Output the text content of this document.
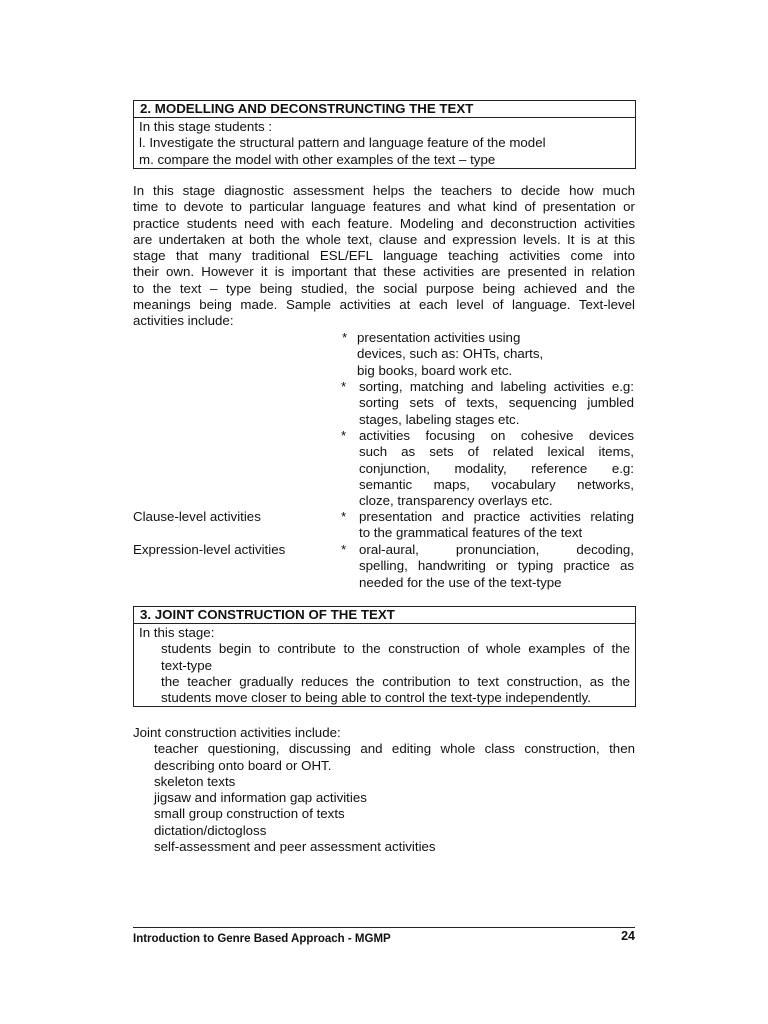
2. MODELLING AND DECONSTRUNCTING THE TEXT
In this stage students :
l. Investigate the structural pattern and language feature of the model
m. compare the model with other examples of the text – type
In this stage diagnostic assessment helps the teachers to decide how much
time to devote to particular language features and what kind of presentation or
practice students need with each feature. Modeling and deconstruction activities
are undertaken at both the whole text, clause and expression levels. It is at this
stage that many traditional ESL/EFL language teaching activities come into
their own. However it is important that these activities are presented in relation
to the text – type being studied, the social purpose being achieved and the
meanings being made. Sample activities at each level of language. Text-level
activities include:
* presentation activities using
devices, such as: OHTs, charts,
big books, board work etc.
* sorting, matching and labeling activities e.g:
sorting sets of texts, sequencing jumbled
stages, labeling stages etc.
* activities focusing on cohesive devices
such as sets of related lexical items,
conjunction, modality, reference e.g:
semantic maps, vocabulary networks,
cloze, transparency overlays etc.
Clause-level activities	* presentation and practice activities relating
to the grammatical features of the text
Expression-level activities	* oral-aural, pronunciation, decoding,
spelling, handwriting or typing practice as
needed for the use of the text-type
3. JOINT CONSTRUCTION OF THE TEXT
In this stage:
students begin to contribute to the construction of whole examples of the
text-type
the teacher gradually reduces the contribution to text construction, as the
students move closer to being able to control the text-type independently.
Joint construction activities include:
teacher questioning, discussing and editing whole class construction, then
describing onto board or OHT.
skeleton texts
jigsaw and information gap activities
small group construction of texts
dictation/dictogloss
self-assessment and peer assessment activities
Introduction to Genre Based Approach - MGMP	24
